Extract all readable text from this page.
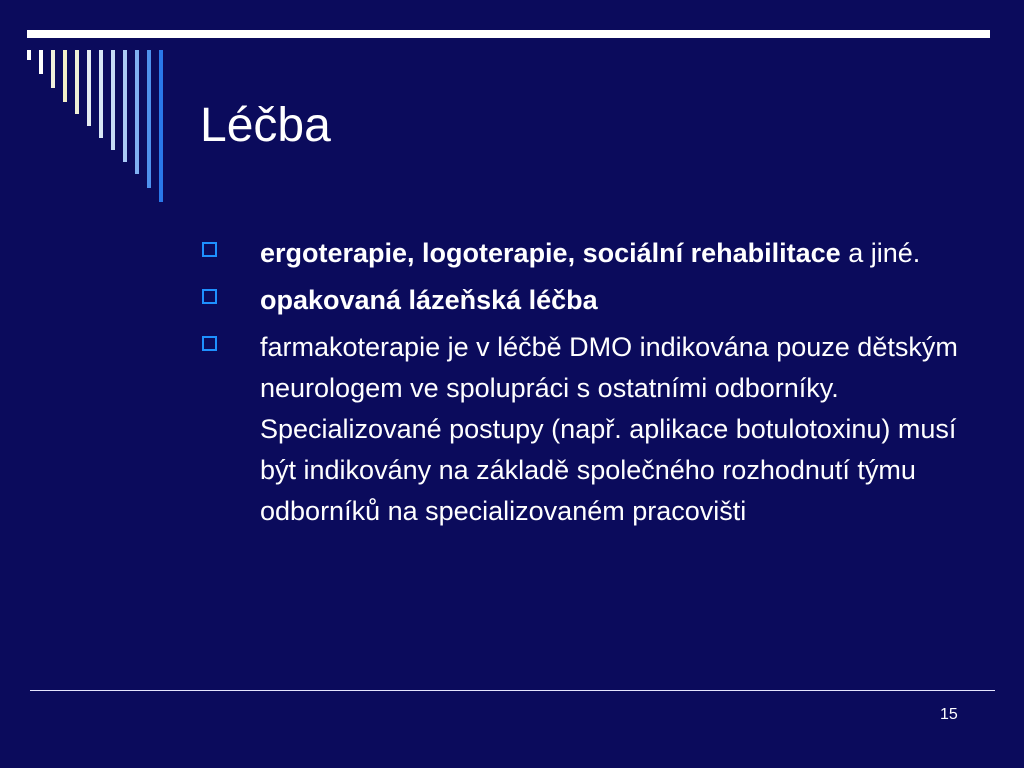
Léčba
ergoterapie, logoterapie, sociální rehabilitace a jiné.
opakovaná lázeňská léčba
farmakoterapie je v léčbě DMO indikována pouze dětským neurologem ve spolupráci s ostatními odborníky. Specializované postupy (např. aplikace botulotoxinu) musí být indikovány na základě společného rozhodnutí týmu odborníků na specializovaném pracovišti
15
